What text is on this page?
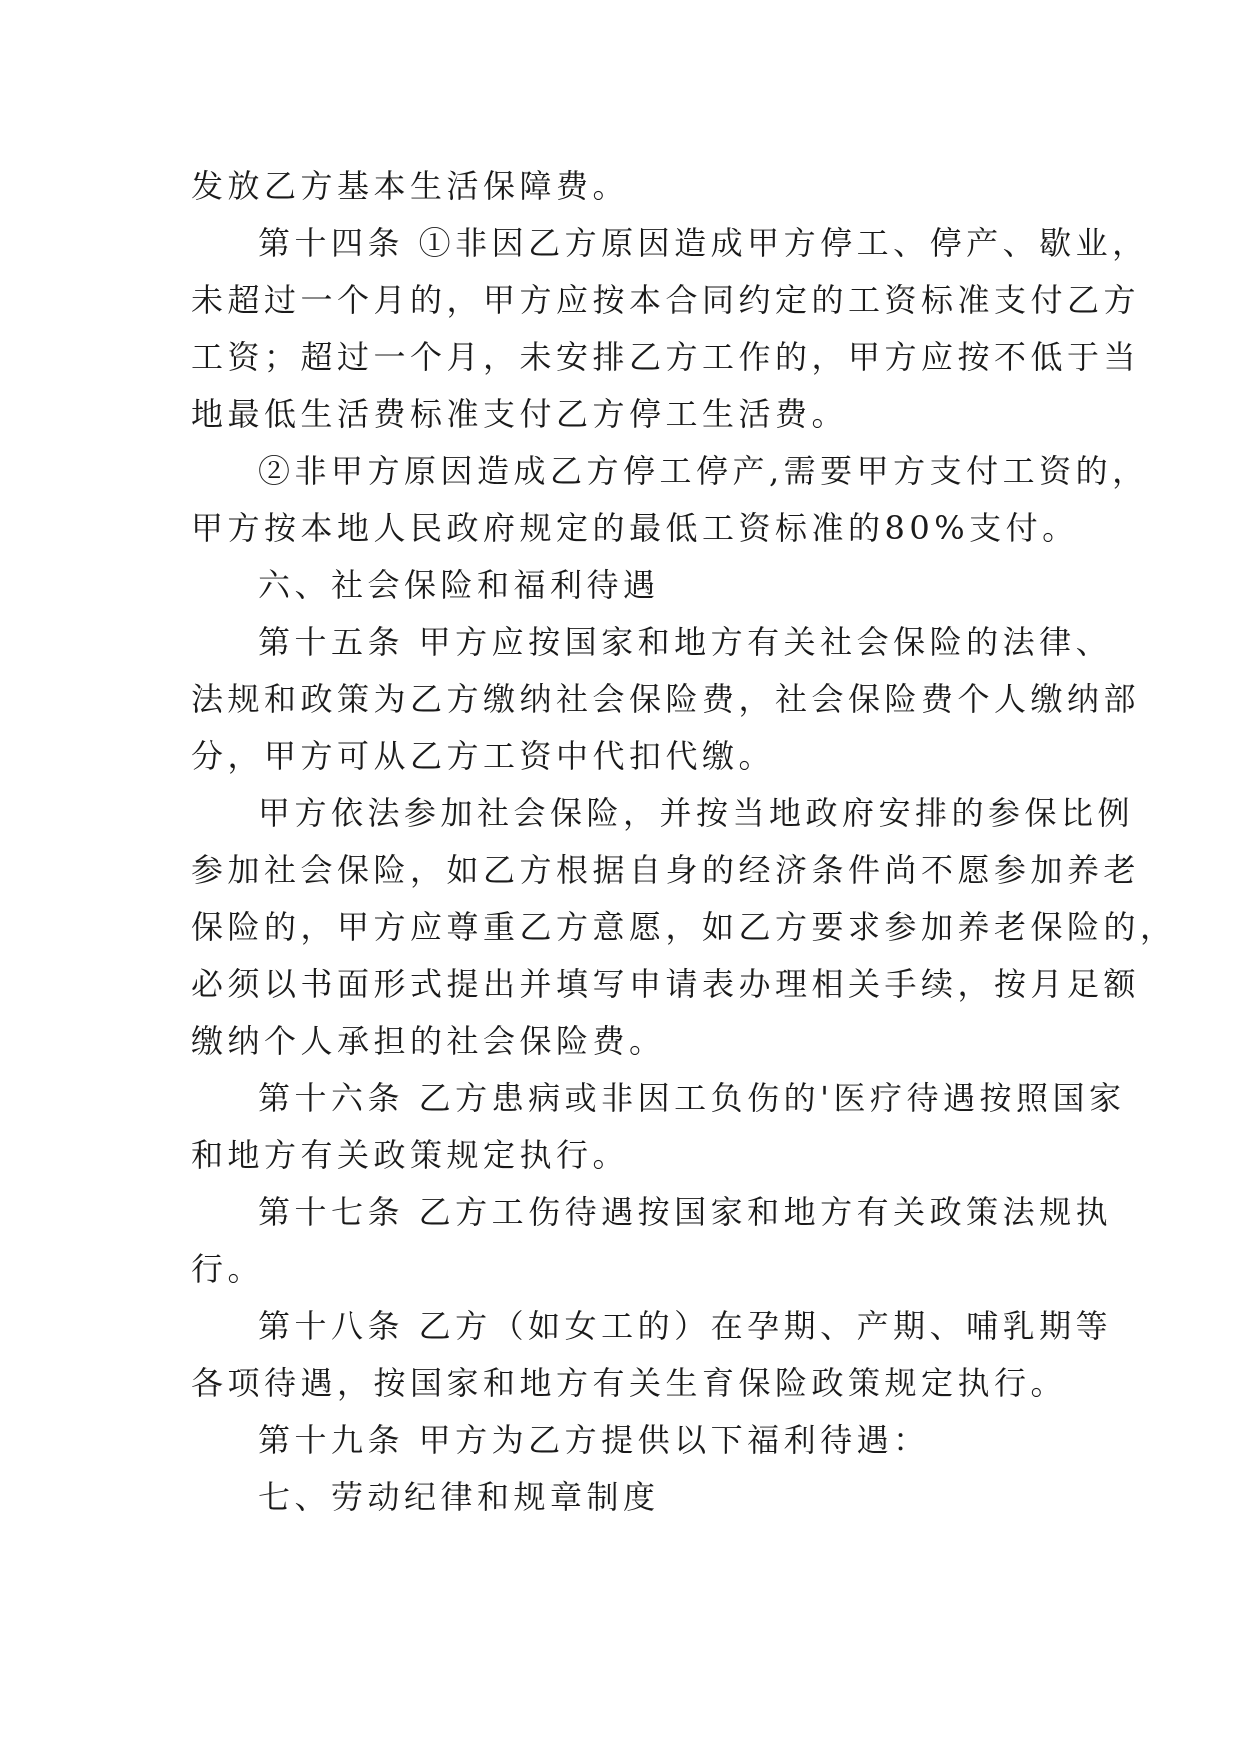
发放乙方基本生活保障费。
第十四条 ①非因乙方原因造成甲方停工、停产、歇业，
未超过一个月的，甲方应按本合同约定的工资标准支付乙方
工资；超过一个月，未安排乙方工作的，甲方应按不低于当
地最低生活费标准支付乙方停工生活费。
②非甲方原因造成乙方停工停产,需要甲方支付工资的，
甲方按本地人民政府规定的最低工资标准的80%支付。
六、社会保险和福利待遇
第十五条 甲方应按国家和地方有关社会保险的法律、
法规和政策为乙方缴纳社会保险费，社会保险费个人缴纳部
分，甲方可从乙方工资中代扣代缴。
甲方依法参加社会保险，并按当地政府安排的参保比例
参加社会保险，如乙方根据自身的经济条件尚不愿参加养老
保险的，甲方应尊重乙方意愿，如乙方要求参加养老保险的，
必须以书面形式提出并填写申请表办理相关手续，按月足额
缴纳个人承担的社会保险费。
第十六条 乙方患病或非因工负伤的'医疗待遇按照国家
和地方有关政策规定执行。
第十七条 乙方工伤待遇按国家和地方有关政策法规执
行。
第十八条 乙方（如女工的）在孕期、产期、哺乳期等
各项待遇，按国家和地方有关生育保险政策规定执行。
第十九条 甲方为乙方提供以下福利待遇：
七、劳动纪律和规章制度
